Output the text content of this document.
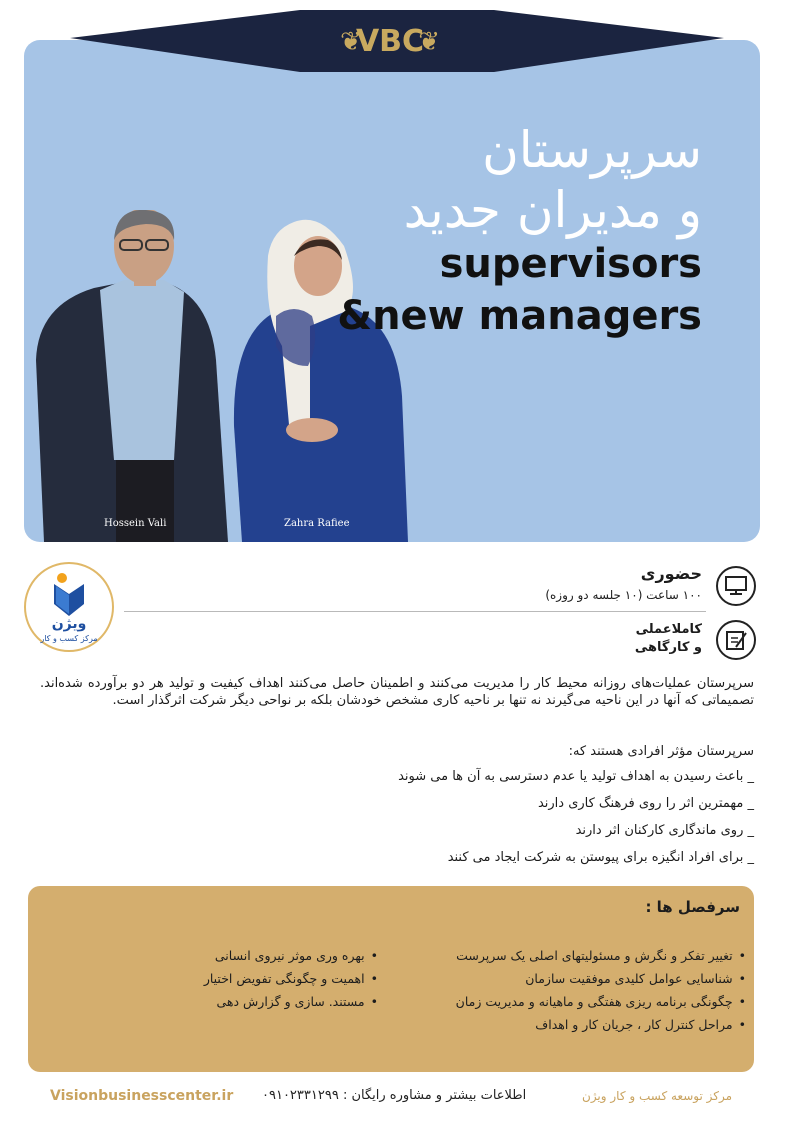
Hossein Vali	Zahra Rafiee
سرپرستان
و مدیران جدید
supervisors
&new managers
❦
VBC
❦
ویژن
مرکز کسب و کار
حضوری
۱۰۰ ساعت (۱۰ جلسه دو روزه)
کاملاعملی
و کارگاهی
سرپرستان عملیات‌های روزانه محیط کار را مدیریت می‌کنند و اطمینان حاصل می‌کنند اهداف کیفیت و تولید هر دو برآورده شده‌اند. تصمیماتی که آنها در این ناحیه می‌گیرند نه تنها بر ناحیه کاری مشخص خودشان بلکه بر نواحی دیگر شرکت اثرگذار است.
سرپرستان مؤثر افرادی هستند که:
_ باعث رسیدن به اهداف تولید یا عدم دسترسی به آن ها می شوند
_ مهمترین اثر را روی فرهنگ کاری دارند
_ روی ماندگاری کارکنان اثر دارند
_ برای افراد انگیزه برای پیوستن به شرکت ایجاد می کنند
سرفصل ها :
• تغییر تفکر و نگرش و مسئولیتهای اصلی یک سرپرست
• شناسایی عوامل کلیدی موفقیت سازمان
• چگونگی برنامه ریزی هفتگی و ماهیانه و مدیریت زمان
• مراحل کنترل کار ، جریان کار و اهداف
• بهره وری موثر نیروی انسانی
• اهمیت و چگونگی تفویض اختیار
• مستند. سازی و گزارش دهی
Visionbusinesscenter.ir اطلاعات بیشتر و مشاوره رایگان : ۰۹۱۰۲۳۳۱۲۹۹	مرکز توسعه کسب و کار ویژن
